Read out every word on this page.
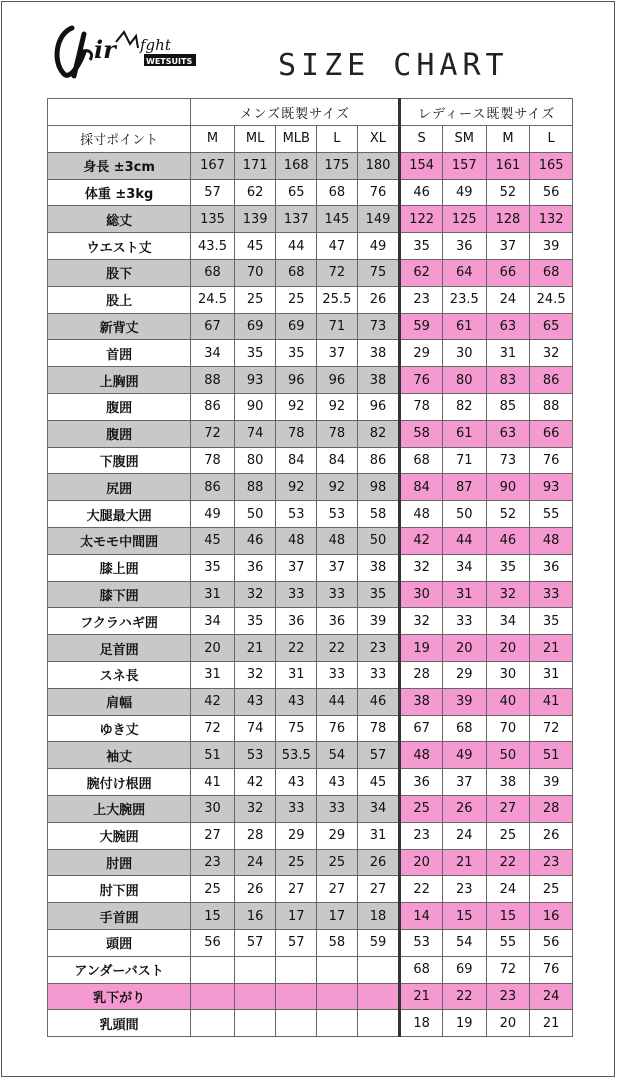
ir fght
WETSUITS	SIZE CHART
	メンズ既製サイズ					レディース既製サイズ			
採寸ポイント	M	ML	MLB	L	XL	S	SM	M	L
身長 ±3cm	167	171	168	175	180	154	157	161	165
体重 ±3kg	57	62	65	68	76	46	49	52	56
総丈	135	139	137	145	149	122	125	128	132
ウエスト丈	43.5	45	44	47	49	35	36	37	39
股下	68	70	68	72	75	62	64	66	68
股上	24.5	25	25	25.5	26	23	23.5	24	24.5
新背丈	67	69	69	71	73	59	61	63	65
首囲	34	35	35	37	38	29	30	31	32
上胸囲	88	93	96	96	38	76	80	83	86
腹囲	86	90	92	92	96	78	82	85	88
腹囲	72	74	78	78	82	58	61	63	66
下腹囲	78	80	84	84	86	68	71	73	76
尻囲	86	88	92	92	98	84	87	90	93
大腿最大囲	49	50	53	53	58	48	50	52	55
太モモ中間囲	45	46	48	48	50	42	44	46	48
膝上囲	35	36	37	37	38	32	34	35	36
膝下囲	31	32	33	33	35	30	31	32	33
フクラハギ囲	34	35	36	36	39	32	33	34	35
足首囲	20	21	22	22	23	19	20	20	21
スネ長	31	32	31	33	33	28	29	30	31
肩幅	42	43	43	44	46	38	39	40	41
ゆき丈	72	74	75	76	78	67	68	70	72
袖丈	51	53	53.5	54	57	48	49	50	51
腕付け根囲	41	42	43	43	45	36	37	38	39
上大腕囲	30	32	33	33	34	25	26	27	28
大腕囲	27	28	29	29	31	23	24	25	26
肘囲	23	24	25	25	26	20	21	22	23
肘下囲	25	26	27	27	27	22	23	24	25
手首囲	15	16	17	17	18	14	15	15	16
頭囲	56	57	57	58	59	53	54	55	56
アンダーバスト						68	69	72	76
乳下がり						21	22	23	24
乳頭間						18	19	20	21
